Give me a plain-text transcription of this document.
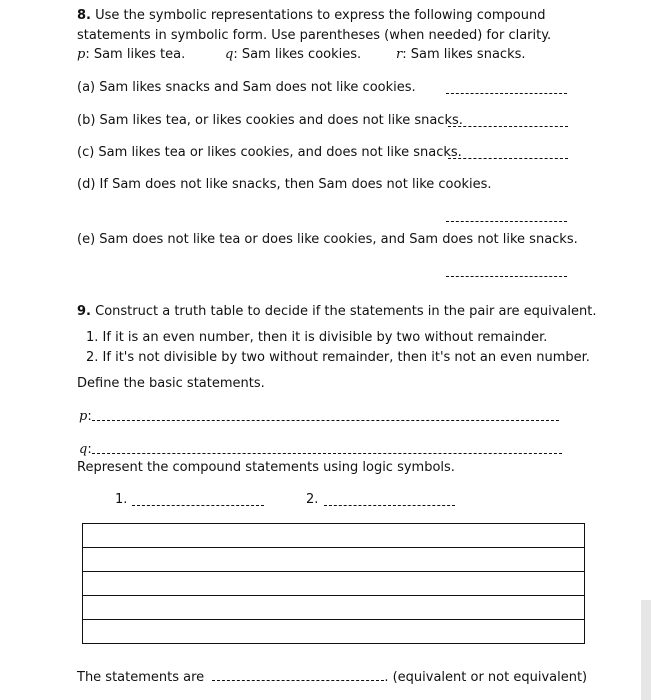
8. Use the symbolic representations to express the following compound
statements in symbolic form. Use parentheses (when needed) for clarity.
p: Sam likes tea.	q: Sam likes cookies.	r: Sam likes snacks.
(a) Sam likes snacks and Sam does not like cookies.
(b) Sam likes tea, or likes cookies and does not like snacks.
(c) Sam likes tea or likes cookies, and does not like snacks.
(d) If Sam does not like snacks, then Sam does not like cookies.
(e) Sam does not like tea or does like cookies, and Sam does not like snacks.
9. Construct a truth table to decide if the statements in the pair are equivalent.
1. If it is an even number, then it is divisible by two without remainder.
2. If it's not divisible by two without remainder, then it's not an even number.
Define the basic statements.
p:
q:
Represent the compound statements using logic symbols.
1.	2.

The statements are	. (equivalent or not equivalent)
